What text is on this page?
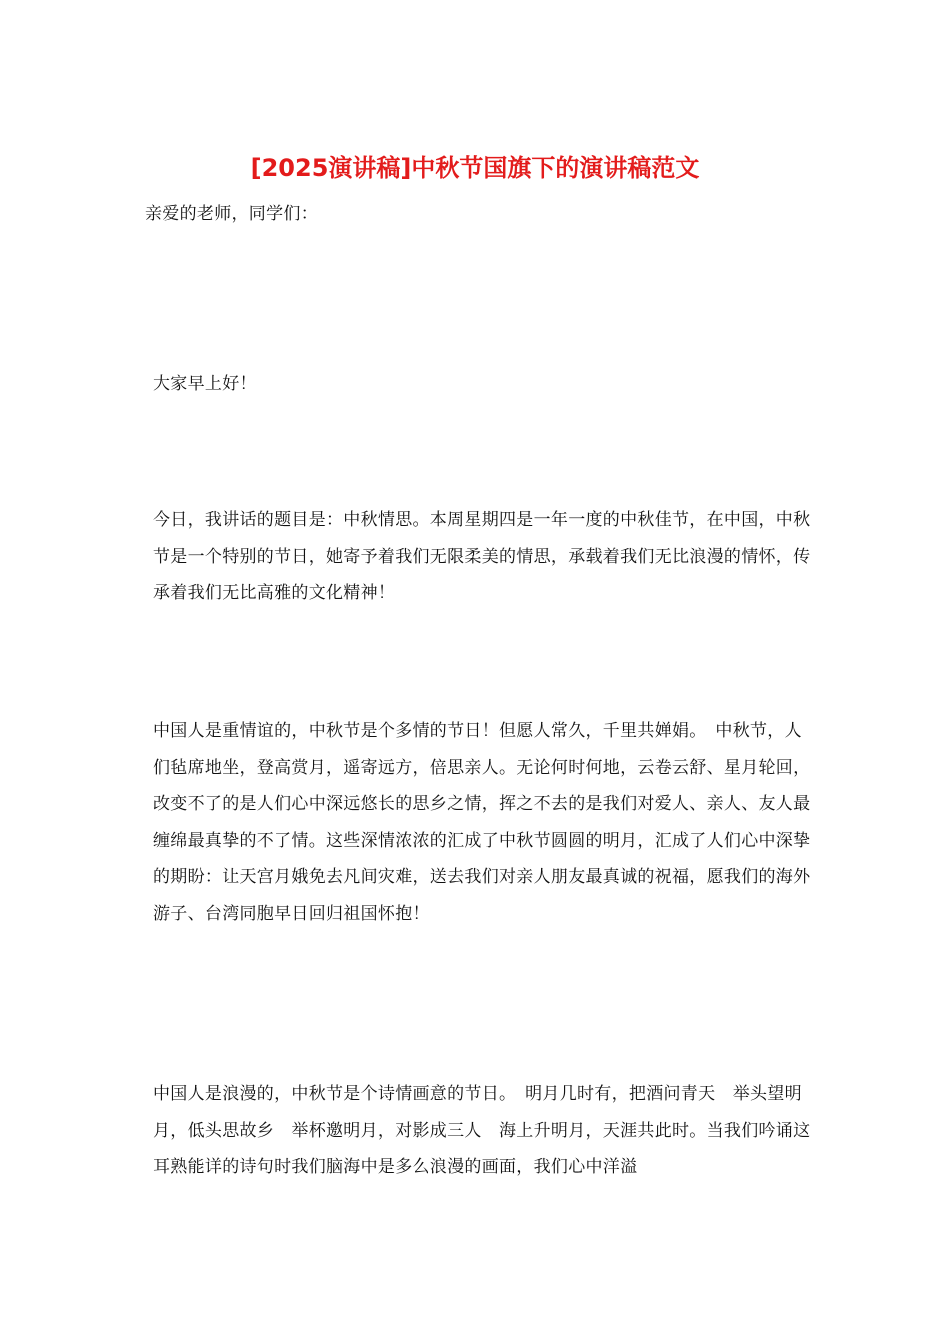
[2025演讲稿]中秋节国旗下的演讲稿范文

亲爱的老师，同学们：

大家早上好！

今日，我讲话的题目是：中秋情思。本周星期四是一年一度的中秋佳节，在中国，中秋节是一个特别的节日，她寄予着我们无限柔美的情思，承载着我们无比浪漫的情怀，传承着我们无比高雅的文化精神！

中国人是重情谊的，中秋节是个多情的节日！但愿人常久，千里共婵娟。　中秋节，人们毡席地坐，登高赏月，遥寄远方，倍思亲人。无论何时何地，云卷云舒、星月轮回，改变不了的是人们心中深远悠长的思乡之情，挥之不去的是我们对爱人、亲人、友人最缠绵最真挚的不了情。这些深情浓浓的汇成了中秋节圆圆的明月，汇成了人们心中深挚的期盼：让天宫月娥免去凡间灾难，送去我们对亲人朋友最真诚的祝福，愿我们的海外游子、台湾同胞早日回归祖国怀抱！

中国人是浪漫的，中秋节是个诗情画意的节日。　明月几时有，把酒问青天　举头望明月，低头思故乡　举杯邀明月，对影成三人　海上升明月，天涯共此时。当我们吟诵这耳熟能详的诗句时我们脑海中是多么浪漫的画面，我们心中洋溢
